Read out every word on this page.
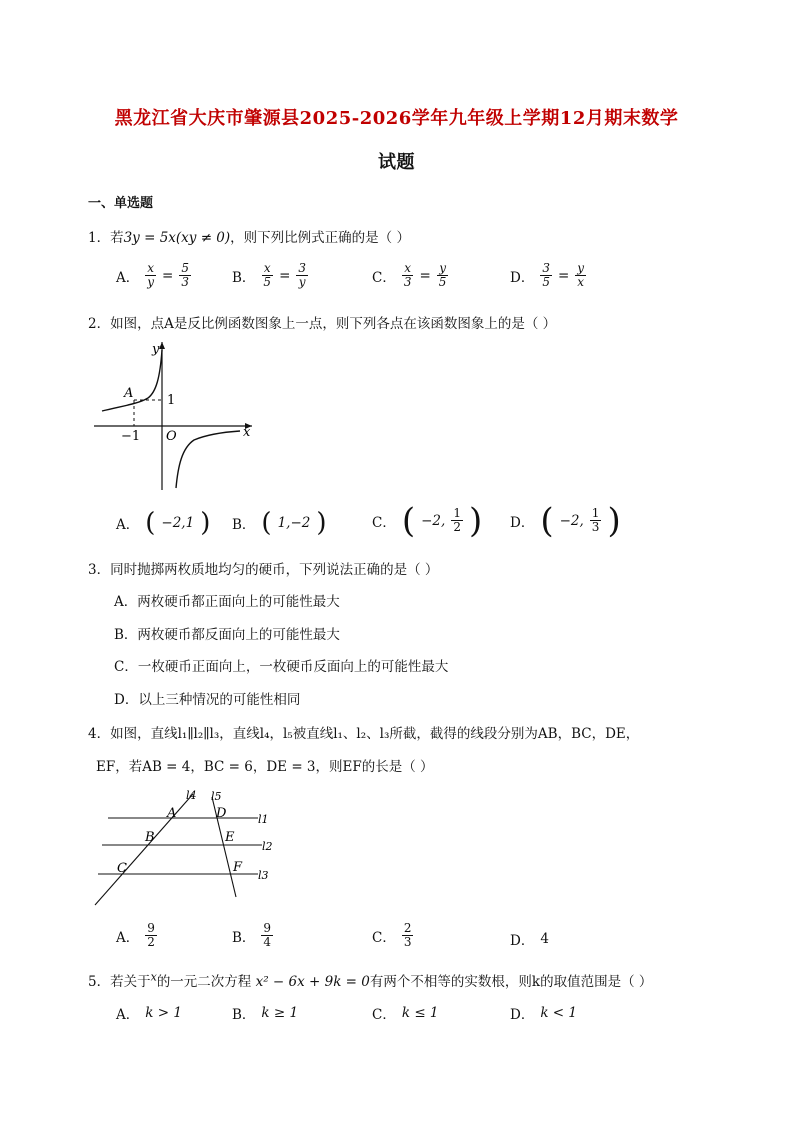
黑龙江省大庆市肇源县2025-2026学年九年级上学期12月期末数学
试题
一、单选题
1．若3y = 5x(xy ≠ 0)，则下列比例式正确的是（ ）
A． $\frac{x}{y} = \frac{5}{3}$	B． $\frac{x}{5} = \frac{3}{y}$	C． $\frac{x}{3} = \frac{y}{5}$	D． $\frac{3}{5} = \frac{y}{x}$
2．如图，点A是反比例函数图象上一点，则下列各点在该函数图象上的是（ ）
y
x
O
A	1
−1
A． ( −2,1 ) B． ( 1,−2 )	C． ( −2, $\frac{1}{2}$ ) D． ( −2, $\frac{1}{3}$ )
3．同时抛掷两枚质地均匀的硬币，下列说法正确的是（ ）
A．两枚硬币都正面向上的可能性最大
B．两枚硬币都反面向上的可能性最大
C．一枚硬币正面向上，一枚硬币反面向上的可能性最大
D．以上三种情况的可能性相同
4．如图，直线l₁∥l₂∥l₃，直线l₄，l₅被直线l₁、l₂、l₃所截，截得的线段分别为AB，BC，DE，
EF，若AB = 4，BC = 6，DE = 3，则EF的长是（ ）
l4 l5
A
B
C
D
E
F
l1
l2
l3
A． $\frac{9}{2}$	B． $\frac{9}{4}$	C． $\frac{2}{3}$	D． 4
5．若关于$^x$的一元二次方程 x² − 6x + 9k = 0有两个不相等的实数根，则k的取值范围是（ ）
A． k > 1	B． k ≥ 1	C． k ≤ 1	D． k < 1
